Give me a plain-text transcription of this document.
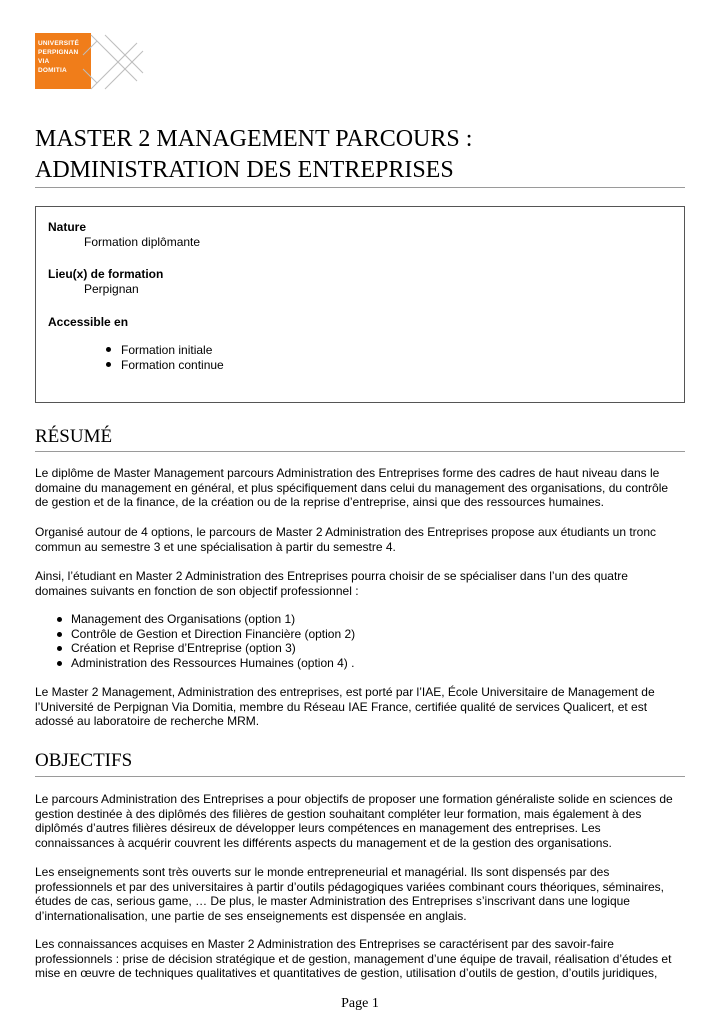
UNIVERSITÉ
PERPIGNAN
VIA
DOMITIA
MASTER 2 MANAGEMENT PARCOURS :
ADMINISTRATION DES ENTREPRISES
Nature
Formation diplômante
Lieu(x) de formation
Perpignan
Accessible en
Formation initiale
Formation continue
RÉSUMÉ

Le diplôme de Master Management parcours Administration des Entreprises forme des cadres de haut niveau dans le
domaine du management en général, et plus spécifiquement dans celui du management des organisations, du contrôle
de gestion et de la finance, de la création ou de la reprise d’entreprise, ainsi que des ressources humaines.

Organisé autour de 4 options, le parcours de Master 2 Administration des Entreprises propose aux étudiants un tronc
commun au semestre 3 et une spécialisation à partir du semestre 4.

Ainsi, l’étudiant en Master 2 Administration des Entreprises pourra choisir de se spécialiser dans l’un des quatre
domaines suivants en fonction de son objectif professionnel :

Management des Organisations (option 1)
Contrôle de Gestion et Direction Financière (option 2)
Création et Reprise d’Entreprise (option 3)
Administration des Ressources Humaines (option 4) .

Le Master 2 Management, Administration des entreprises, est porté par l’IAE, École Universitaire de Management de
l’Université de Perpignan Via Domitia, membre du Réseau IAE France, certifiée qualité de services Qualicert, et est
adossé au laboratoire de recherche MRM.

OBJECTIFS

Le parcours Administration des Entreprises a pour objectifs de proposer une formation généraliste solide en sciences de
gestion destinée à des diplômés des filières de gestion souhaitant compléter leur formation, mais également à des
diplômés d’autres filières désireux de développer leurs compétences en management des entreprises. Les
connaissances à acquérir couvrent les différents aspects du management et de la gestion des organisations.

Les enseignements sont très ouverts sur le monde entrepreneurial et managérial. Ils sont dispensés par des
professionnels et par des universitaires à partir d’outils pédagogiques variées combinant cours théoriques, séminaires,
études de cas, serious game, … De plus, le master Administration des Entreprises s’inscrivant dans une logique
d’internationalisation, une partie de ses enseignements est dispensée en anglais.

Les connaissances acquises en Master 2 Administration des Entreprises se caractérisent par des savoir-faire
professionnels : prise de décision stratégique et de gestion, management d’une équipe de travail, réalisation d’études et
mise en œuvre de techniques qualitatives et quantitatives de gestion, utilisation d’outils de gestion, d’outils juridiques,

Page 1
